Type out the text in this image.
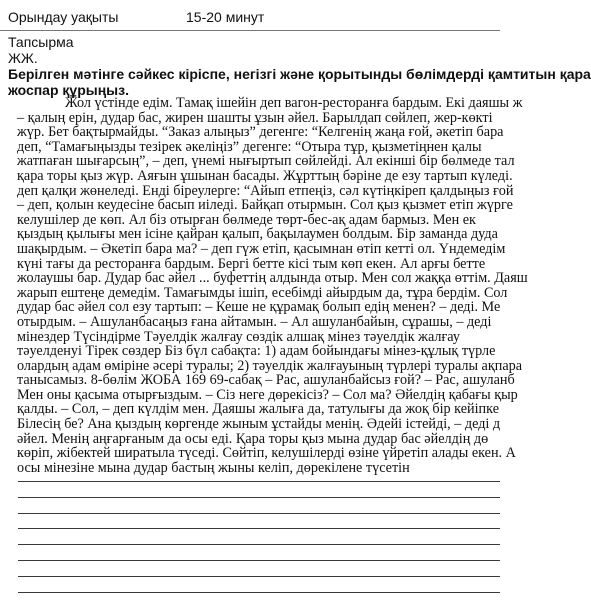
Орындау уақыты	15-20 минут
Тапсырма
ЖЖ.
Берілген мәтінге сәйкес кіріспе, негізгі және қорытынды бөлімдерді қамтитын қара
жоспар құрыңыз.
Жол үстінде едім. Тамақ ішейін деп вагон-ресторанға бардым. Екі даяшы ж
– қалың ерін, дудар бас, жирен шашты ұзын әйел. Барылдап сөйлеп, жер-көкті
жүр. Бет бақтырмайды. “Заказ алыңыз” дегенге: “Келгенің жаңа ғой, әкетіп бара
деп, “Тамағыңызды тезірек әкеліңіз” дегенге: “Отыра тұр, қызметіңнен қалы
жатпаған шығарсың”, – деп, үнемі нығыртып сөйлейді. Ал екінші бір бөлмеде тал
қара торы қыз жүр. Аяғын ұшынан басады. Жұрттың бәріне де езу тартып күледі.
деп қалқи жөнеледі. Енді біреулерге: “Айып етпеңіз, сәл күтіңкіреп қалдыңыз ғой
– деп, қолын кеудесіне басып иіледі. Байқап отырмын. Сол қыз қызмет етіп жүрге
келушілер де көп. Ал біз отырған бөлмеде төрт-бес-ақ адам бармыз. Мен ек
қыздың қылығы мен ісіне қайран қалып, бақылаумен болдым. Бір заманда дуда
шақырдым. – Әкетіп бара ма? – деп гүж етіп, қасымнан өтіп кетті ол. Үндемедім
күні тағы да ресторанға бардым. Бергі бетте кісі тым көп екен. Ал арғы бетте
жолаушы бар. Дудар бас әйел ... буфеттің алдында отыр. Мен сол жаққа өттім. Даяш
жарып ештеңе демедім. Тамағымды ішіп, есебімді айырдым да, тұра бердім. Сол
дудар бас әйел сол езу тартып: – Кеше не құрамақ болып едің менен? – деді. Ме
отырдым. – Ашуланбасаңыз ғана айтамын. – Ал ашуланбайын, сұрашы, – деді
мінездер Түсіндірме Тәуелдік жалғау сөздік алшақ мінез тәуелдік жалғау
тәуелденуі Тірек сөздер Біз бүл сабақта: 1) адам бойындағы мінез-құлық түрле
олардың адам өміріне әсері туралы; 2) тәуелдік жалғауының түрлері туралы ақпара
танысамыз. 8-бөлім ЖОБА 169 69-сабақ – Рас, ашуланбайсыз ғой? – Рас, ашуланб
Мен оны қасыма отырғыздым. – Сіз неге дөрекісіз? – Сол ма? Әйелдің қабағы қыр
қалды. – Сол, – деп күлдім мен. Даяшы жалыға да, татулығы да жоқ бір кейіпке
Білесің бе? Ана қыздың көргенде жыным ұстайды менің. Әдейі істейді, – деді д
әйел. Менің аңғарғаным да осы еді. Қара торы қыз мына дудар бас әйелдің дө
көріп, жібектей ширатыла түседі. Сөйтіп, келушілерді өзіне үйретіп алады екен. А
осы мінезіне мына дудар бастың жыны келіп, дөрекілене түсетін
